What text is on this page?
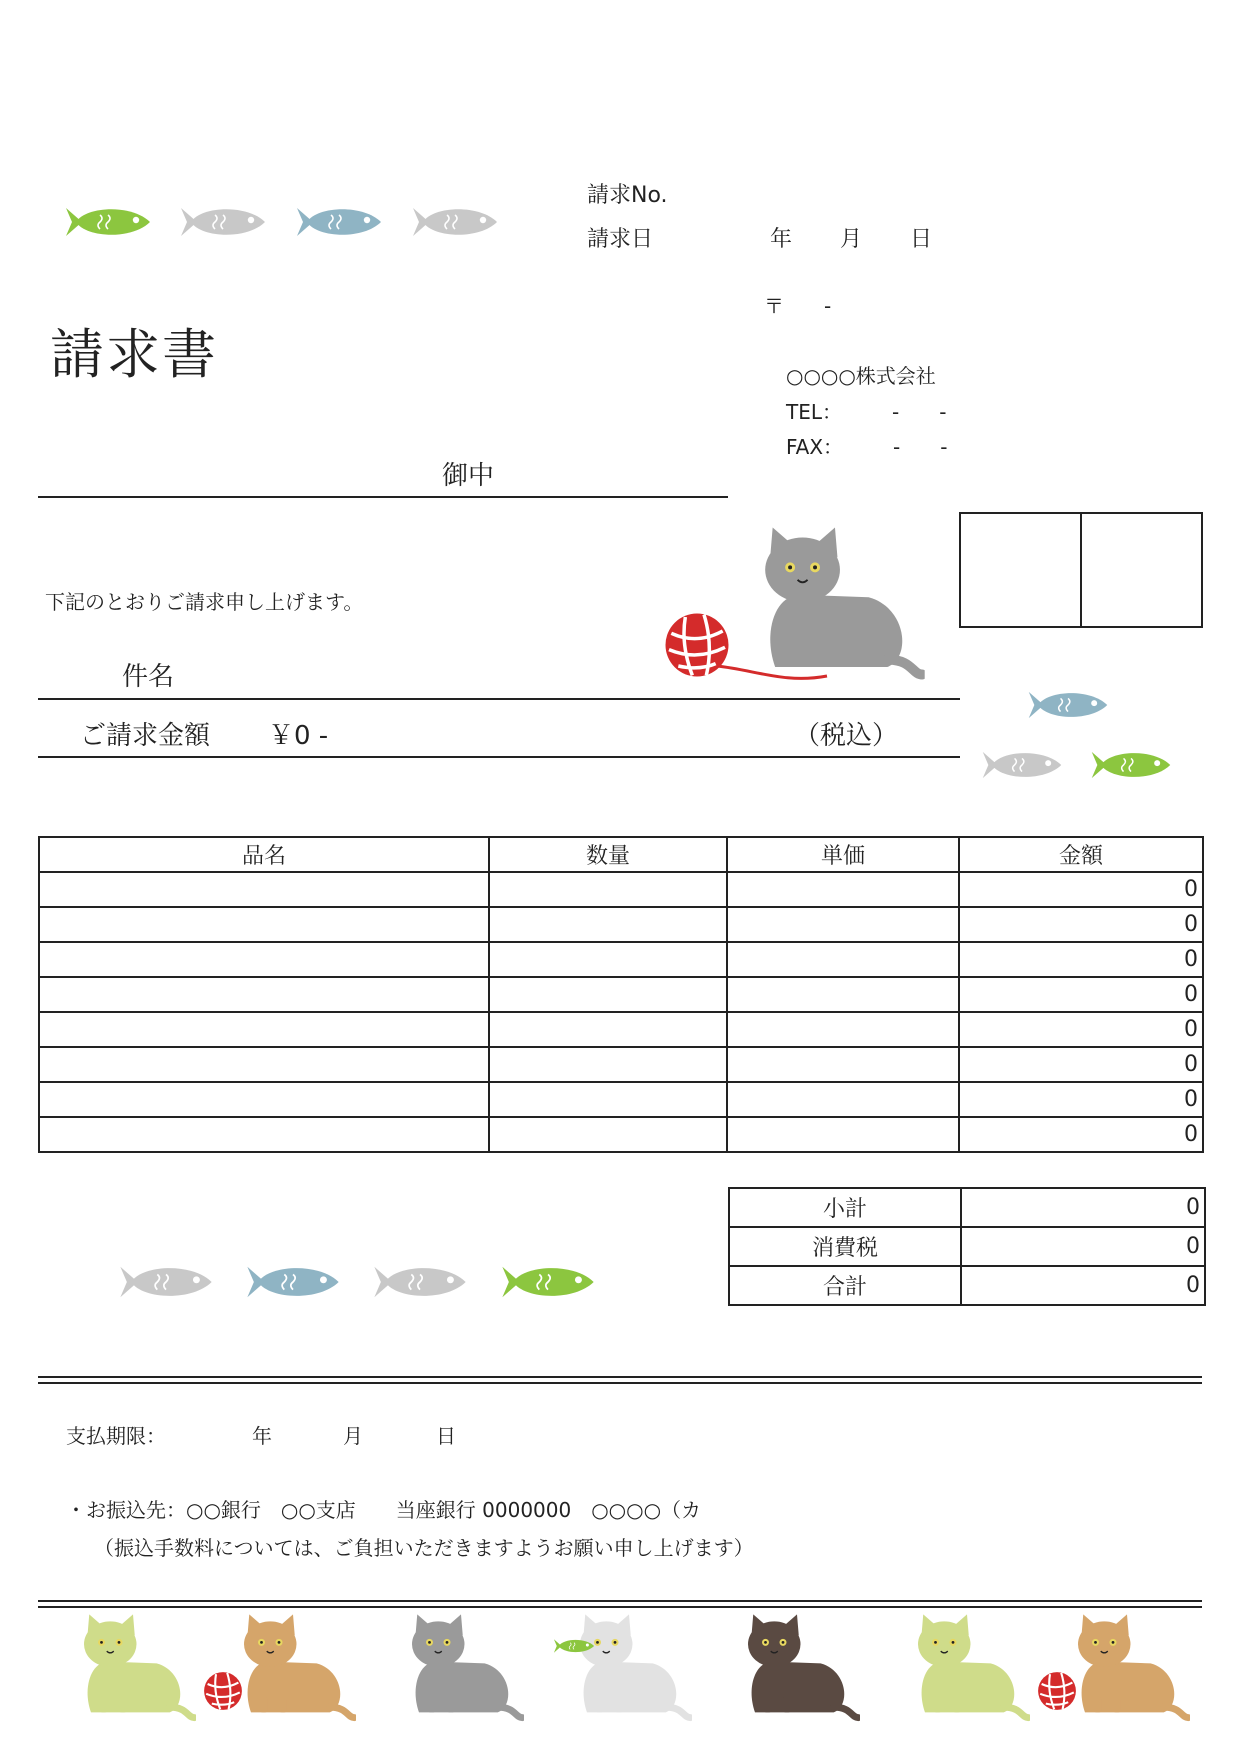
請求No.
請求日	年 月 日
〒　　-
○○○○株式会社
TEL：　　　-　　-
FAX：　　　-　　-
請求書
御中
下記のとおりご請求申し上げます。
件名
ご請求金額 ￥0 -	（税込）
品名	数量	単価	金額
			0
			0
			0
			0
			0
			0
			0
			0
小計	0
消費税	0
合計	0
支払期限：	年	月	日
・お振込先：○○銀行　○○支店　　当座銀行 0000000　○○○○（カ
（振込手数料については、ご負担いただきますようお願い申し上げます）
